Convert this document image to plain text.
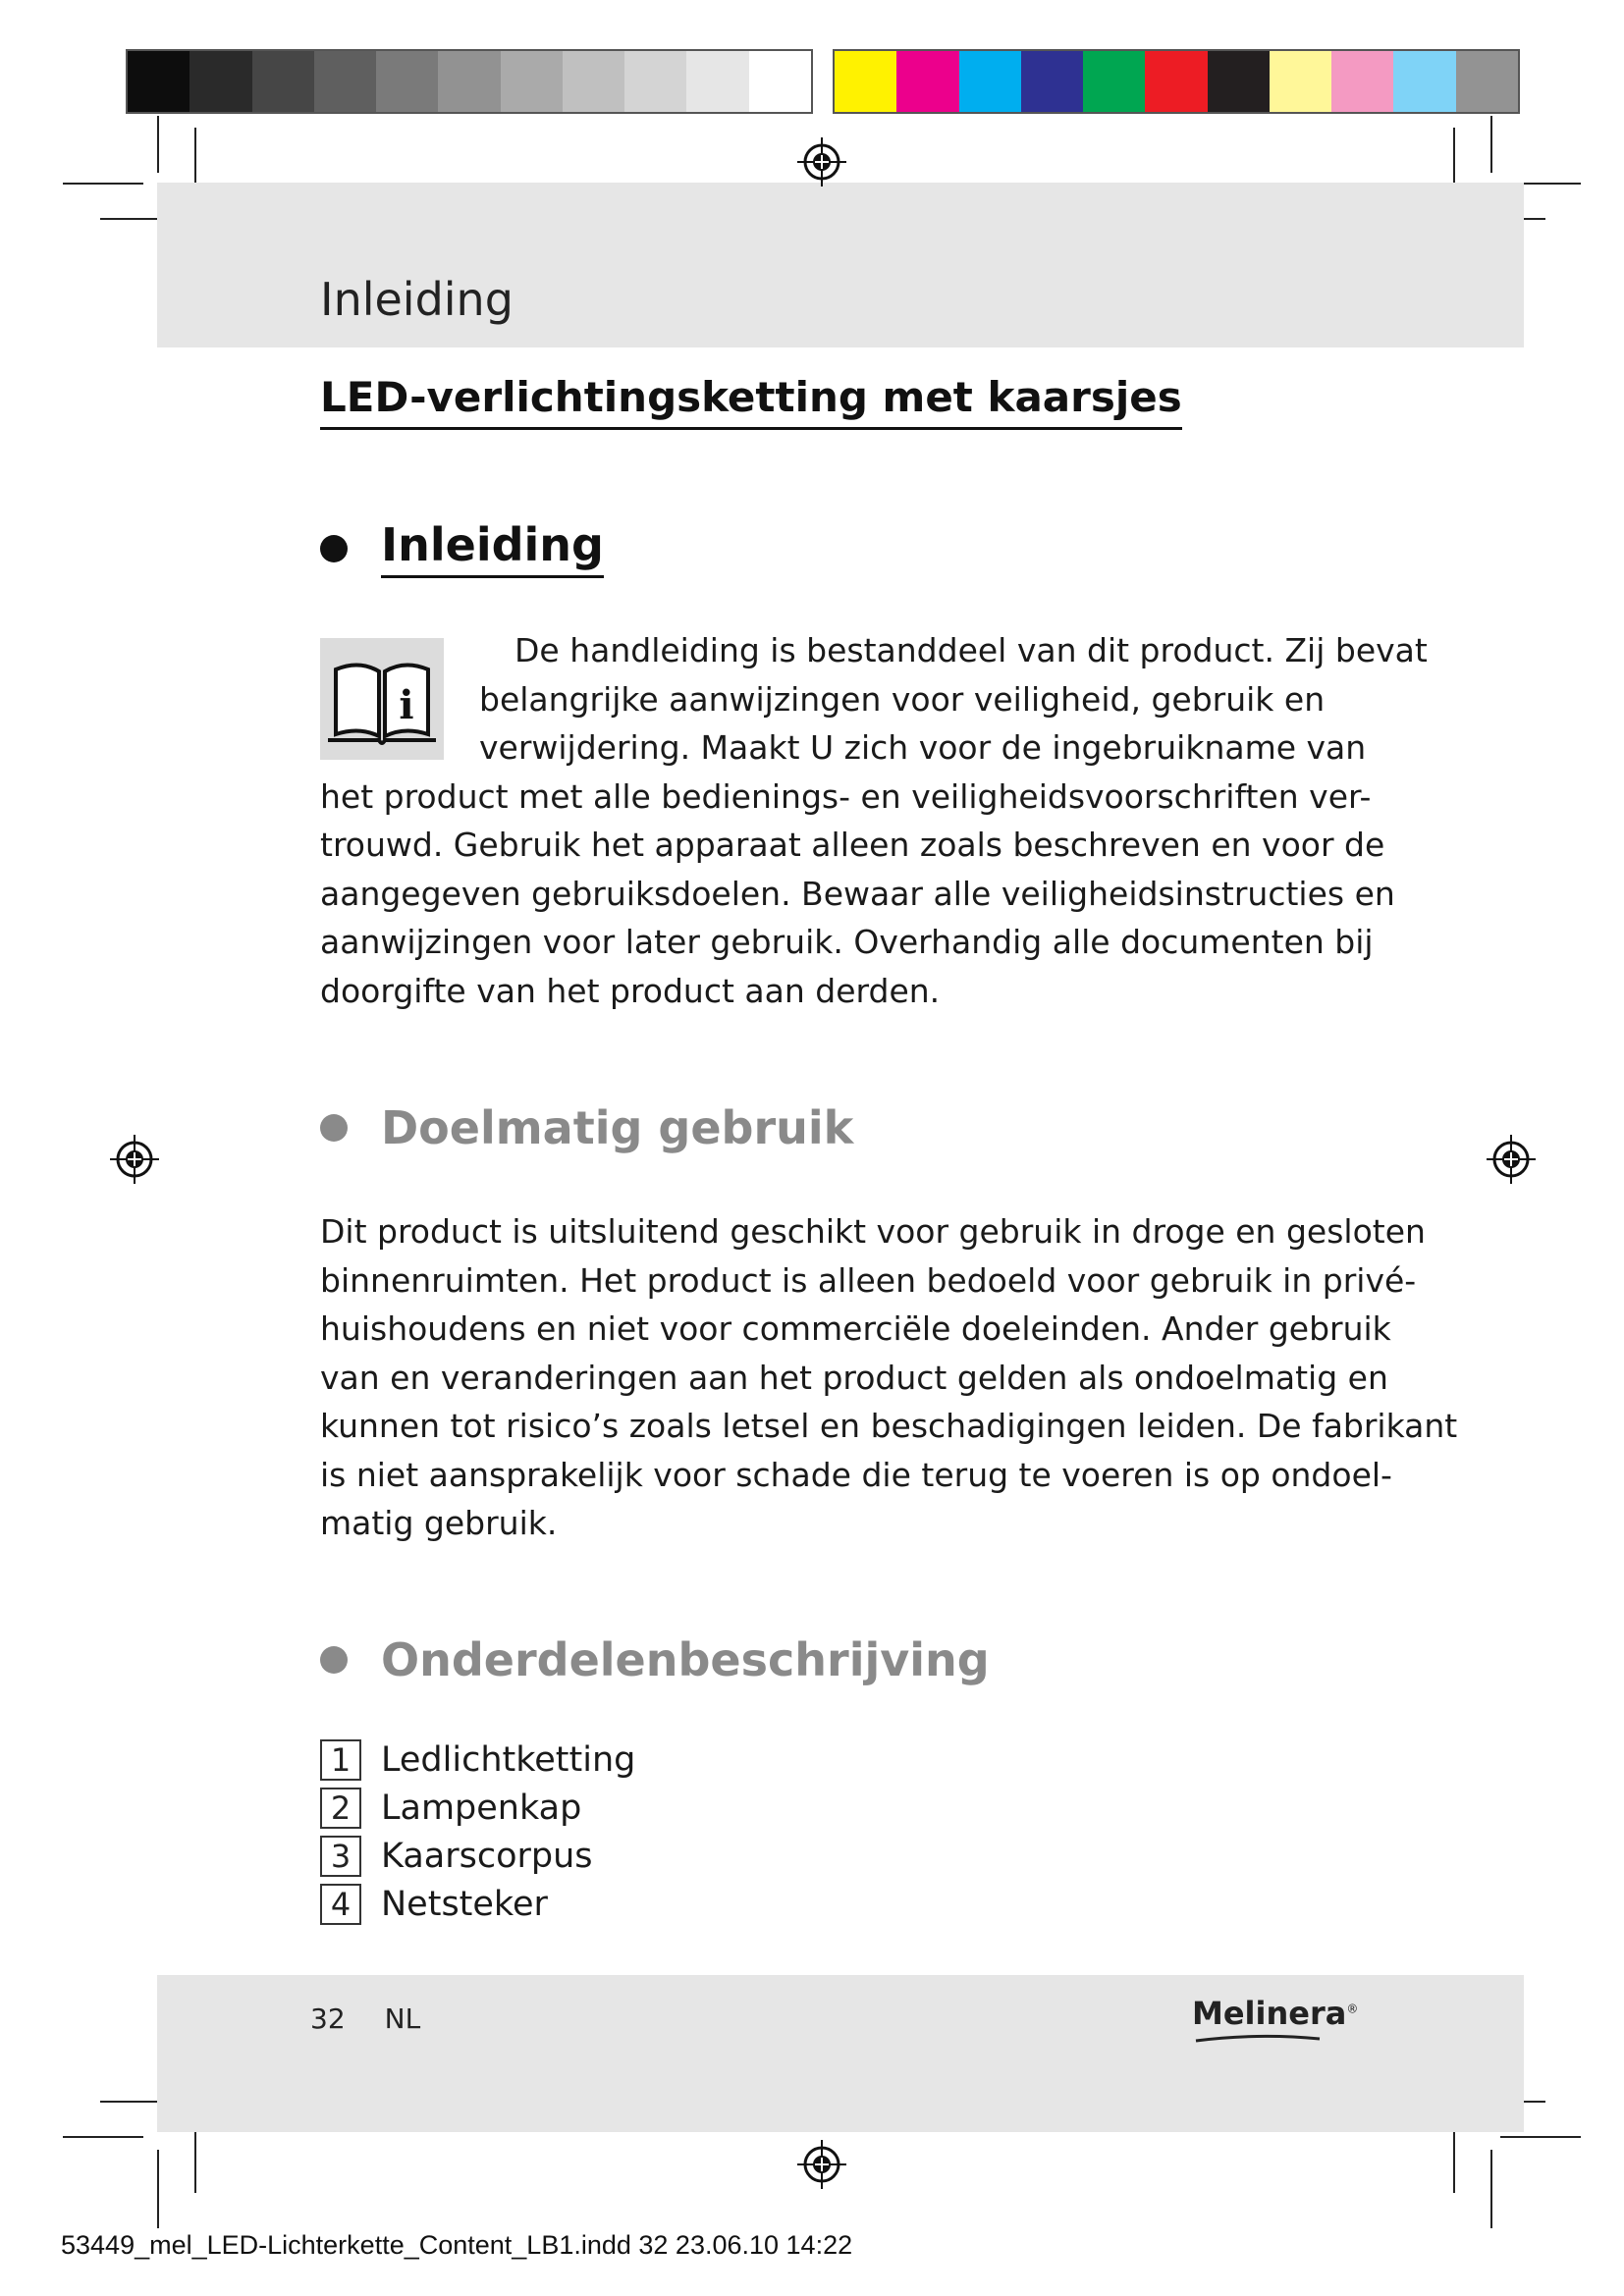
Inleiding
LED-verlichtingsketting met kaarsjes
Inleiding
i
De handleiding is bestanddeel van dit product. Zij bevat
belangrijke aanwijzingen voor veiligheid, gebruik en
verwijdering. Maakt U zich voor de ingebruikname van
het product met alle bedienings- en veiligheidsvoorschriften ver-
trouwd. Gebruik het apparaat alleen zoals beschreven en voor de
aangegeven gebruiksdoelen. Bewaar alle veiligheidsinstructies en
aanwijzingen voor later gebruik. Overhandig alle documenten bij
doorgifte van het product aan derden.
Doelmatig gebruik
Dit product is uitsluitend geschikt voor gebruik in droge en gesloten
binnenruimten. Het product is alleen bedoeld voor gebruik in privé-
huishoudens en niet voor commerciële doeleinden. Ander gebruik
van en veranderingen aan het product gelden als ondoelmatig en
kunnen tot risico’s zoals letsel en beschadigingen leiden. De fabrikant
is niet aansprakelijk voor schade die terug te voeren is op ondoel-
matig gebruik.
Onderdelenbeschrijving
1 Ledlichtketting
2 Lampenkap
3 Kaarscorpus
4 Netsteker
32 NL	Melinera®
53449_mel_LED-Lichterkette_Content_LB1.indd 32 23.06.10 14:22
